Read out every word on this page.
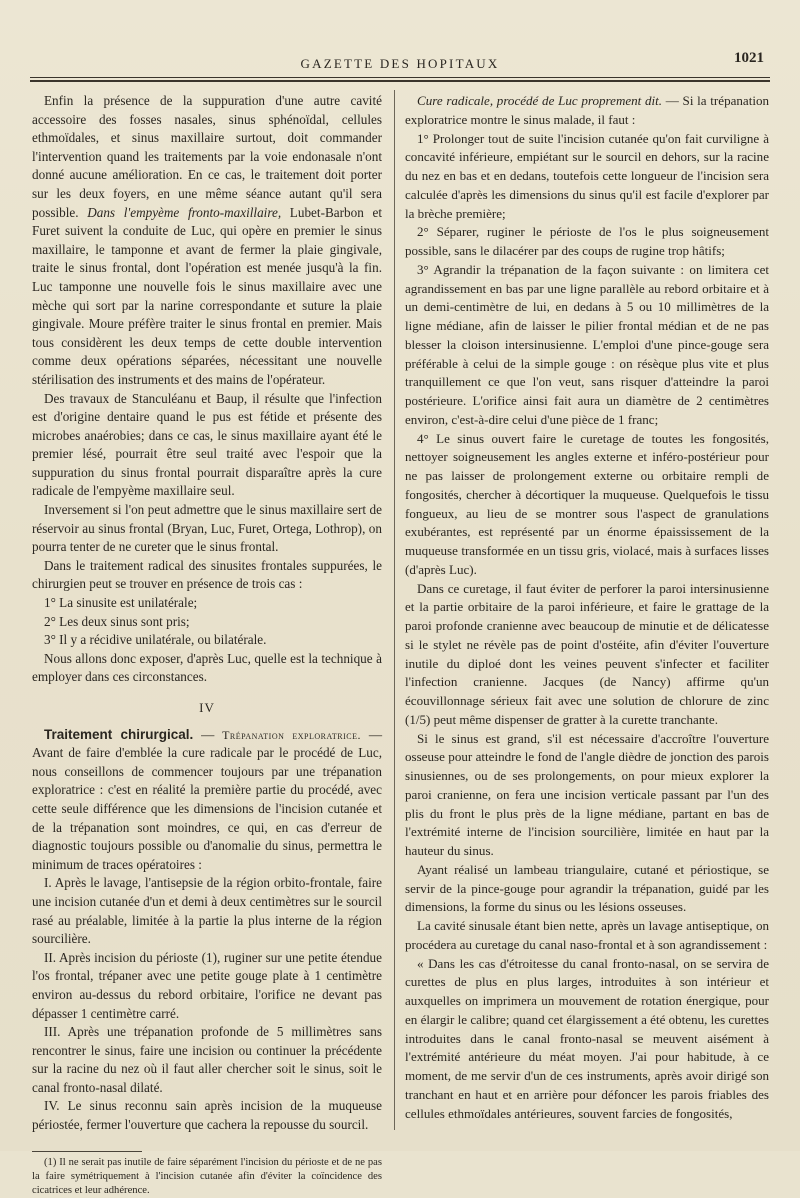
GAZETTE DES HOPITAUX	1021

Enfin la présence de la suppuration d'une autre cavité accessoire des fosses nasales, sinus sphénoïdal, cellules ethmoïdales, et sinus maxillaire surtout, doit commander l'intervention quand les traitements par la voie endonasale n'ont donné aucune amélioration. En ce cas, le traitement doit porter sur les deux foyers, en une même séance autant qu'il sera possible. Dans l'empyème fronto-maxillaire, Lubet-Barbon et Furet suivent la conduite de Luc, qui opère en premier le sinus maxillaire, le tamponne et avant de fermer la plaie gingivale, traite le sinus frontal, dont l'opération est menée jusqu'à la fin. Luc tamponne une nouvelle fois le sinus maxillaire avec une mèche qui sort par la narine correspondante et suture la plaie gingivale. Moure préfère traiter le sinus frontal en premier. Mais tous considèrent les deux temps de cette double intervention comme deux opérations séparées, nécessitant une nouvelle stérilisation des instruments et des mains de l'opérateur.

Des travaux de Stanculéanu et Baup, il résulte que l'infection est d'origine dentaire quand le pus est fétide et présente des microbes anaérobies; dans ce cas, le sinus maxillaire ayant été le premier lésé, pourrait être seul traité avec l'espoir que la suppuration du sinus frontal pourrait disparaître après la cure radicale de l'empyème maxillaire seul.

Inversement si l'on peut admettre que le sinus maxillaire sert de réservoir au sinus frontal (Bryan, Luc, Furet, Ortega, Lothrop), on pourra tenter de ne cureter que le sinus frontal.

Dans le traitement radical des sinusites frontales suppurées, le chirurgien peut se trouver en présence de trois cas :

1° La sinusite est unilatérale;

2° Les deux sinus sont pris;

3° Il y a récidive unilatérale, ou bilatérale.

Nous allons donc exposer, d'après Luc, quelle est la technique à employer dans ces circonstances.

IV

Traitement chirurgical. — Trépanation exploratrice. — Avant de faire d'emblée la cure radicale par le procédé de Luc, nous conseillons de commencer toujours par une trépanation exploratrice : c'est en réalité la première partie du procédé, avec cette seule différence que les dimensions de l'incision cutanée et de la trépanation sont moindres, ce qui, en cas d'erreur de diagnostic toujours possible ou d'anomalie du sinus, permettra le minimum de traces opératoires :

I. Après le lavage, l'antisepsie de la région orbito-frontale, faire une incision cutanée d'un et demi à deux centimètres sur le sourcil rasé au préalable, limitée à la partie la plus interne de la région sourcilière.

II. Après incision du périoste (1), ruginer sur une petite étendue l'os frontal, trépaner avec une petite gouge plate à 1 centimètre environ au-dessus du rebord orbitaire, l'orifice ne devant pas dépasser 1 centimètre carré.

III. Après une trépanation profonde de 5 millimètres sans rencontrer le sinus, faire une incision ou continuer la précédente sur la racine du nez où il faut aller chercher soit le sinus, soit le canal fronto-nasal dilaté.

IV. Le sinus reconnu sain après incision de la muqueuse périostée, fermer l'ouverture que cachera la repousse du sourcil.

(1) Il ne serait pas inutile de faire séparément l'incision du périoste et de ne pas la faire symétriquement à l'incision cutanée afin d'éviter la coïncidence des cicatrices et leur adhérence.

Cure radicale, procédé de Luc proprement dit. — Si la trépanation exploratrice montre le sinus malade, il faut :

1° Prolonger tout de suite l'incision cutanée qu'on fait curviligne à concavité inférieure, empiétant sur le sourcil en dehors, sur la racine du nez en bas et en dedans, toutefois cette longueur de l'incision sera calculée d'après les dimensions du sinus qu'il est facile d'explorer par la brèche première;

2° Séparer, ruginer le périoste de l'os le plus soigneusement possible, sans le dilacérer par des coups de rugine trop hâtifs;

3° Agrandir la trépanation de la façon suivante : on limitera cet agrandissement en bas par une ligne parallèle au rebord orbitaire et à un demi-centimètre de lui, en dedans à 5 ou 10 millimètres de la ligne médiane, afin de laisser le pilier frontal médian et de ne pas blesser la cloison intersinusienne. L'emploi d'une pince-gouge sera préférable à celui de la simple gouge : on résèque plus vite et plus tranquillement ce que l'on veut, sans risquer d'atteindre la paroi postérieure. L'orifice ainsi fait aura un diamètre de 2 centimètres environ, c'est-à-dire celui d'une pièce de 1 franc;

4° Le sinus ouvert faire le curetage de toutes les fongosités, nettoyer soigneusement les angles externe et inféro-postérieur pour ne pas laisser de prolongement externe ou orbitaire rempli de fongosités, chercher à décortiquer la muqueuse. Quelquefois le tissu fongueux, au lieu de se montrer sous l'aspect de granulations exubérantes, est représenté par un énorme épaississement de la muqueuse transformée en un tissu gris, violacé, mais à surfaces lisses (d'après Luc).

Dans ce curetage, il faut éviter de perforer la paroi intersinusienne et la partie orbitaire de la paroi inférieure, et faire le grattage de la paroi profonde cranienne avec beaucoup de minutie et de délicatesse si le stylet ne révèle pas de point d'ostéite, afin d'éviter l'ouverture inutile du diploé dont les veines peuvent s'infecter et faciliter l'infection cranienne. Jacques (de Nancy) affirme qu'un écouvillonnage sérieux fait avec une solution de chlorure de zinc (1/5) peut même dispenser de gratter à la curette tranchante.

Si le sinus est grand, s'il est nécessaire d'accroître l'ouverture osseuse pour atteindre le fond de l'angle dièdre de jonction des parois sinusiennes, ou de ses prolongements, on pour mieux explorer la paroi cranienne, on fera une incision verticale passant par l'un des plis du front le plus près de la ligne médiane, partant en bas de l'extrémité interne de l'incision sourcilière, limitée en haut par la hauteur du sinus.

Ayant réalisé un lambeau triangulaire, cutané et périostique, se servir de la pince-gouge pour agrandir la trépanation, guidé par les dimensions, la forme du sinus ou les lésions osseuses.

La cavité sinusale étant bien nette, après un lavage antiseptique, on procédera au curetage du canal naso-frontal et à son agrandissement :

« Dans les cas d'étroitesse du canal fronto-nasal, on se servira de curettes de plus en plus larges, introduites à son intérieur et auxquelles on imprimera un mouvement de rotation énergique, pour en élargir le calibre; quand cet élargissement a été obtenu, les curettes introduites dans le canal fronto-nasal se meuvent aisément à l'extrémité antérieure du méat moyen. J'ai pour habitude, à ce moment, de me servir d'un de ces instruments, après avoir dirigé son tranchant en haut et en arrière pour défoncer les parois friables des cellules ethmoïdales antérieures, souvent farcies de fongosités,
